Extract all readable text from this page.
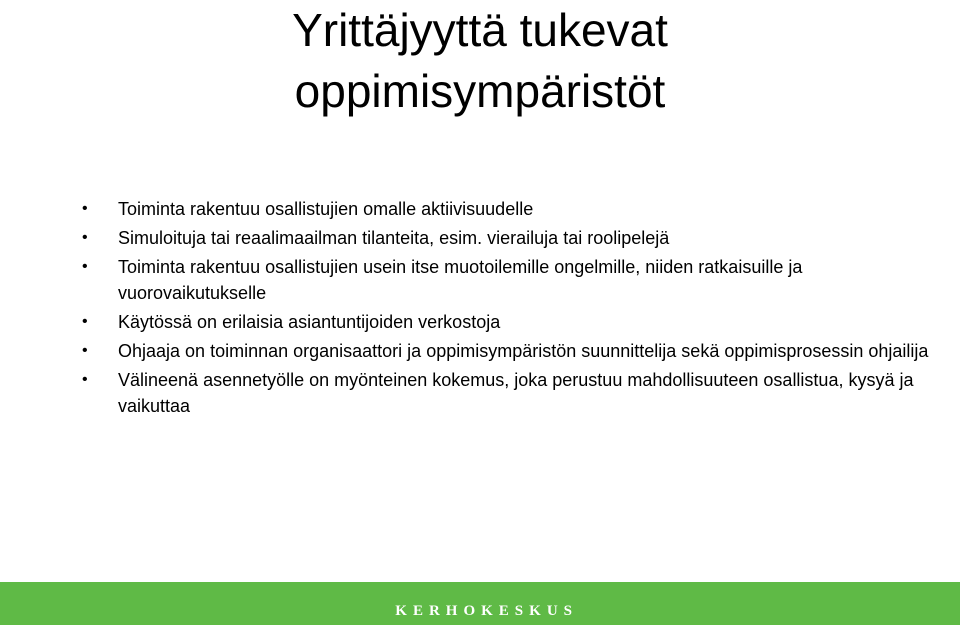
Yrittäjyyttä tukevat
oppimisympäristöt
•	Toiminta rakentuu osallistujien omalle aktiivisuudelle
•	Simuloituja tai reaalimaailman tilanteita, esim. vierailuja tai roolipelejä
•	Toiminta rakentuu osallistujien usein itse muotoilemille ongelmille, niiden ratkaisuille ja vuorovaikutukselle
•	Käytössä on erilaisia asiantuntijoiden verkostoja
•	Ohjaaja on toiminnan organisaattori ja oppimisympäristön suunnittelija sekä oppimisprosessin ohjailija
•	Välineenä asennetyölle on myönteinen kokemus, joka perustuu mahdollisuuteen osallistua, kysyä ja vaikuttaa
KERHOKESKUS
